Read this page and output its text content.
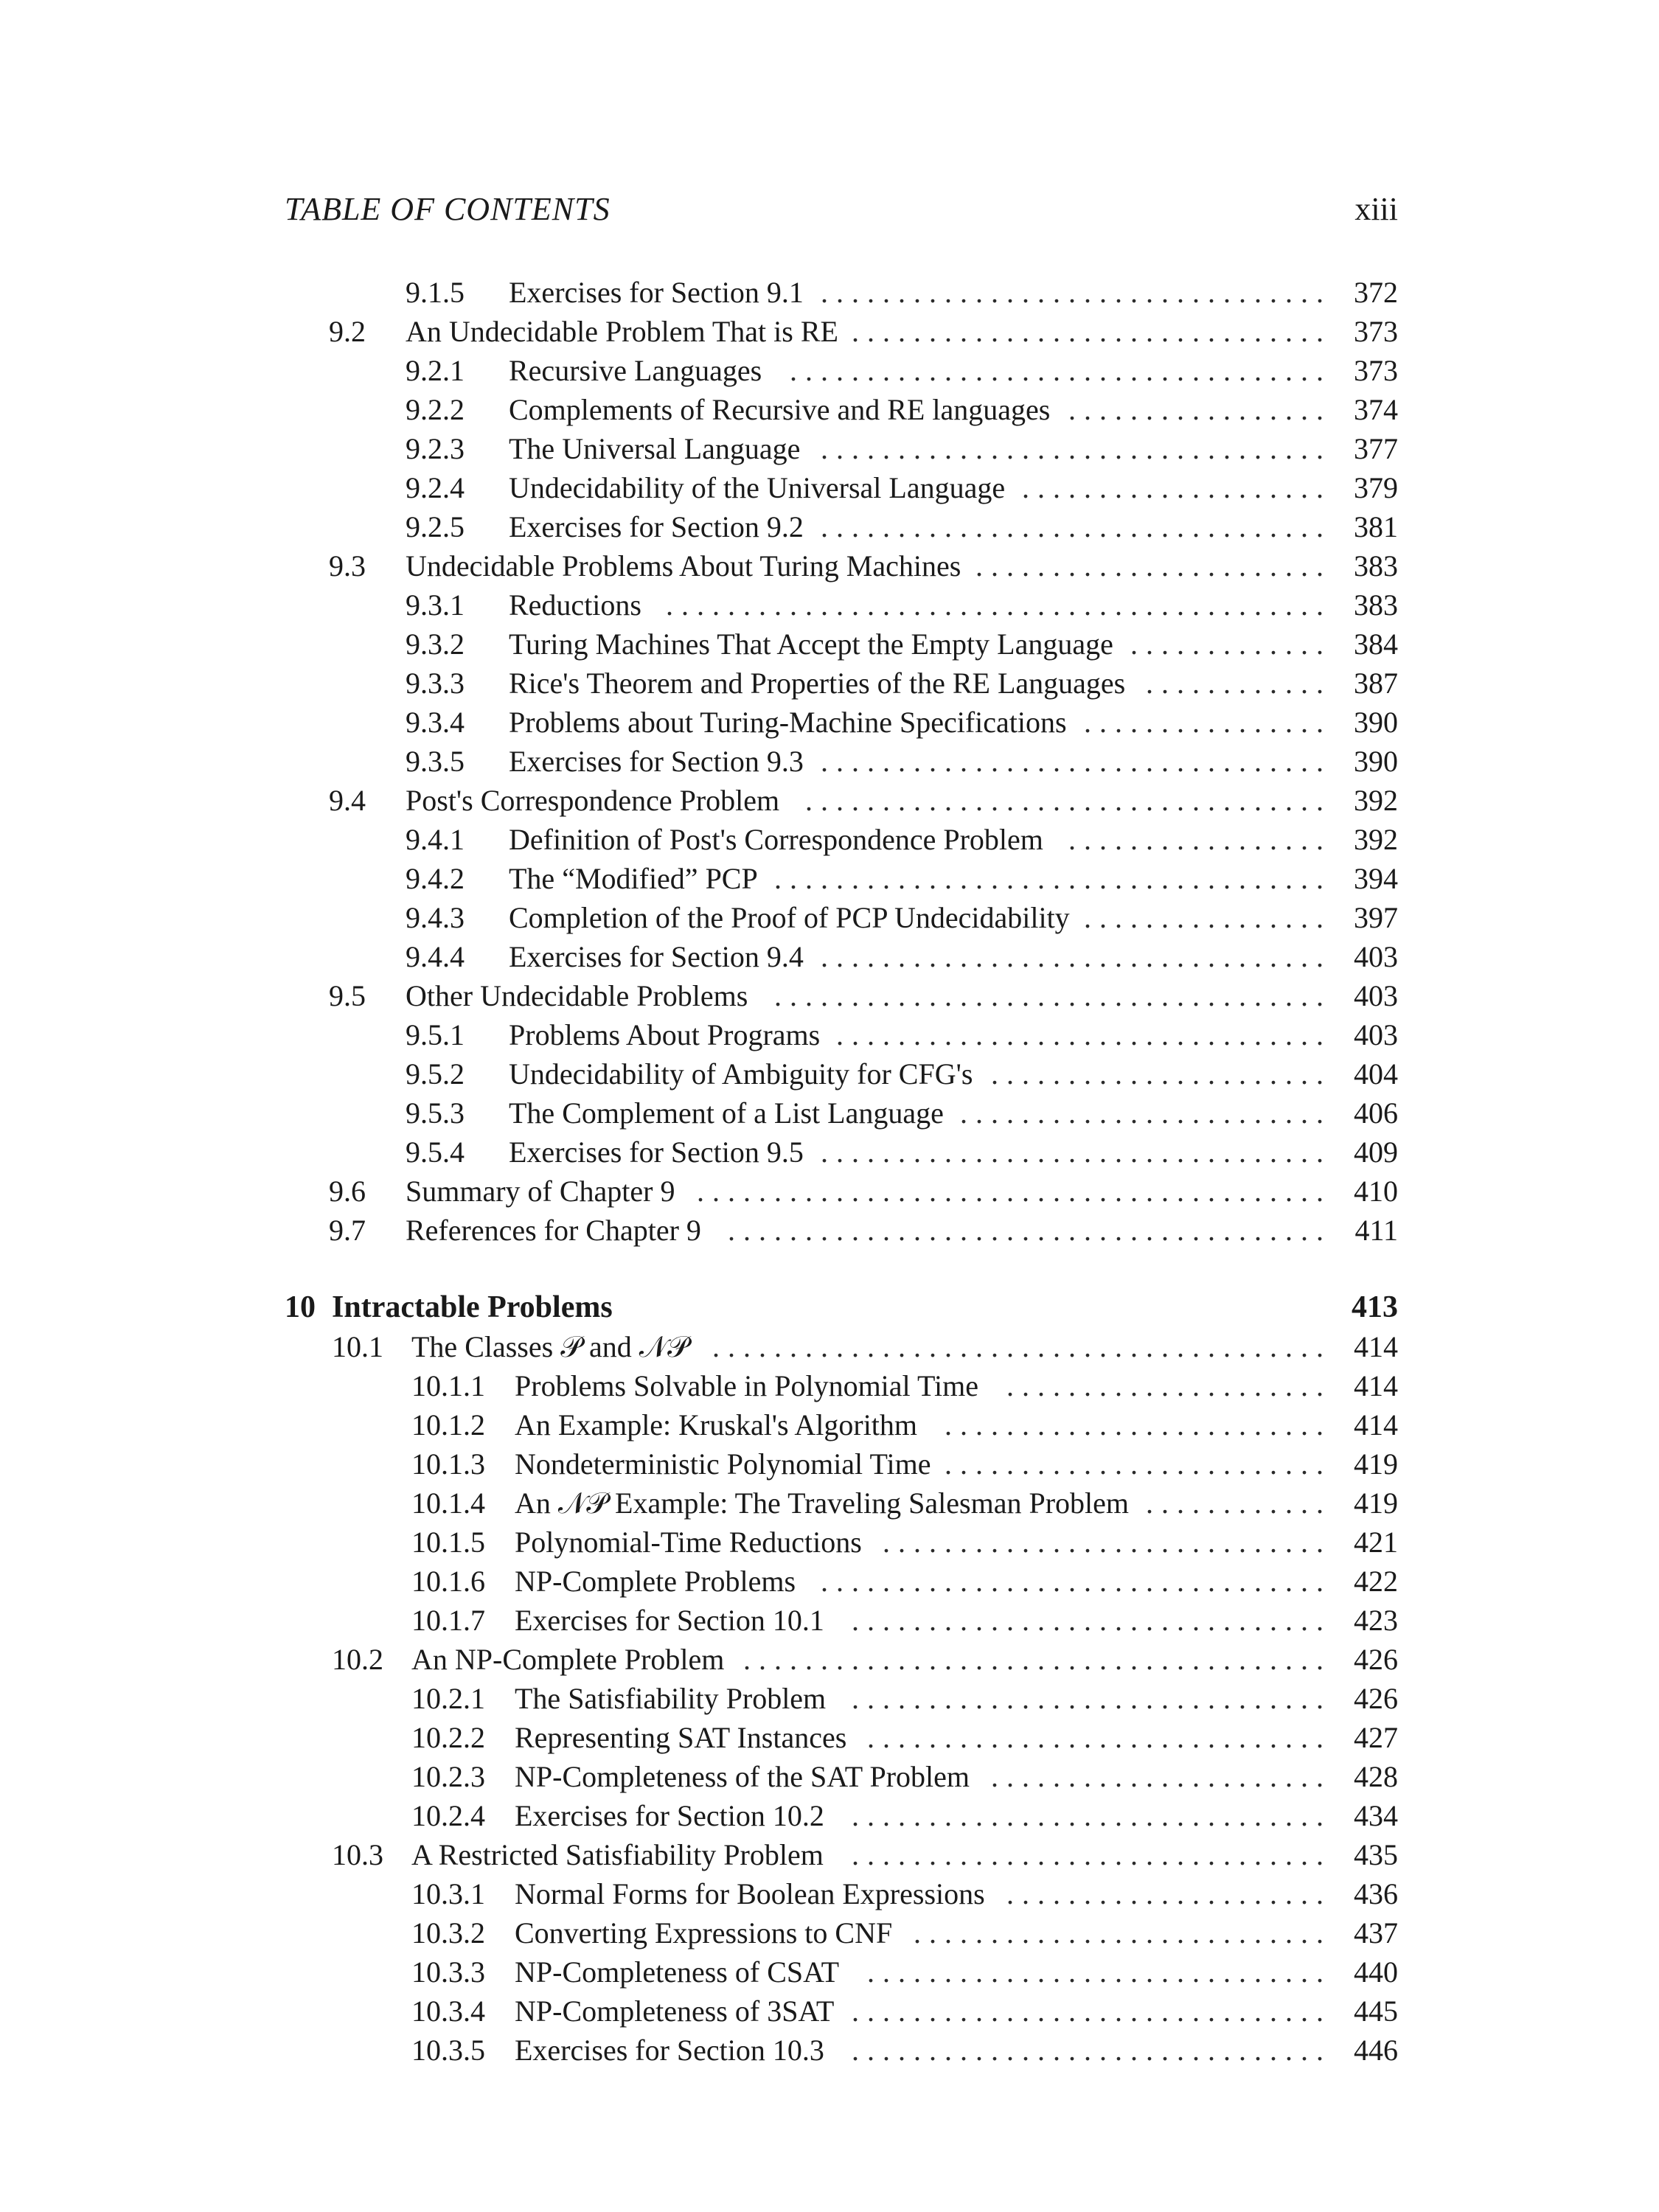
TABLE OF CONTENTS	xiii
9.1.5 Exercises for Section 9.1 ................................. 372
9.2 An Undecidable Problem That is RE ............................... 373
9.2.1 Recursive Languages ................................... 373
9.2.2 Complements of Recursive and RE languages ................. 374
9.2.3 The Universal Language ................................. 377
9.2.4 Undecidability of the Universal Language .................... 379
9.2.5 Exercises for Section 9.2 ................................. 381
9.3 Undecidable Problems About Turing Machines ....................... 383
9.3.1 Reductions ........................................... 383
9.3.2 Turing Machines That Accept the Empty Language ............. 384
9.3.3 Rice's Theorem and Properties of the RE Languages ............ 387
9.3.4 Problems about Turing-Machine Specifications ................ 390
9.3.5 Exercises for Section 9.3 ................................. 390
9.4 Post's Correspondence Problem .................................. 392
9.4.1 Definition of Post's Correspondence Problem ................. 392
9.4.2 The “Modified” PCP .................................... 394
9.4.3 Completion of the Proof of PCP Undecidability ................ 397
9.4.4 Exercises for Section 9.4 ................................. 403
9.5 Other Undecidable Problems .................................... 403
9.5.1 Problems About Programs ................................ 403
9.5.2 Undecidability of Ambiguity for CFG's ...................... 404
9.5.3 The Complement of a List Language ........................ 406
9.5.4 Exercises for Section 9.5 ................................. 409
9.6 Summary of Chapter 9 ......................................... 410
9.7 References for Chapter 9 ....................................... 411
10 Intractable Problems	413
10.1 The Classes 𝒫 and 𝒩𝒫 ........................................ 414
10.1.1 Problems Solvable in Polynomial Time ..................... 414
10.1.2 An Example: Kruskal's Algorithm ......................... 414
10.1.3 Nondeterministic Polynomial Time ......................... 419
10.1.4 An 𝒩𝒫 Example: The Traveling Salesman Problem ............ 419
10.1.5 Polynomial-Time Reductions ............................. 421
10.1.6 NP-Complete Problems ................................. 422
10.1.7 Exercises for Section 10.1 ............................... 423
10.2 An NP-Complete Problem ...................................... 426
10.2.1 The Satisfiability Problem ............................... 426
10.2.2 Representing SAT Instances .............................. 427
10.2.3 NP-Completeness of the SAT Problem ...................... 428
10.2.4 Exercises for Section 10.2 ............................... 434
10.3 A Restricted Satisfiability Problem ............................... 435
10.3.1 Normal Forms for Boolean Expressions ..................... 436
10.3.2 Converting Expressions to CNF ........................... 437
10.3.3 NP-Completeness of CSAT .............................. 440
10.3.4 NP-Completeness of 3SAT ............................... 445
10.3.5 Exercises for Section 10.3 ............................... 446
